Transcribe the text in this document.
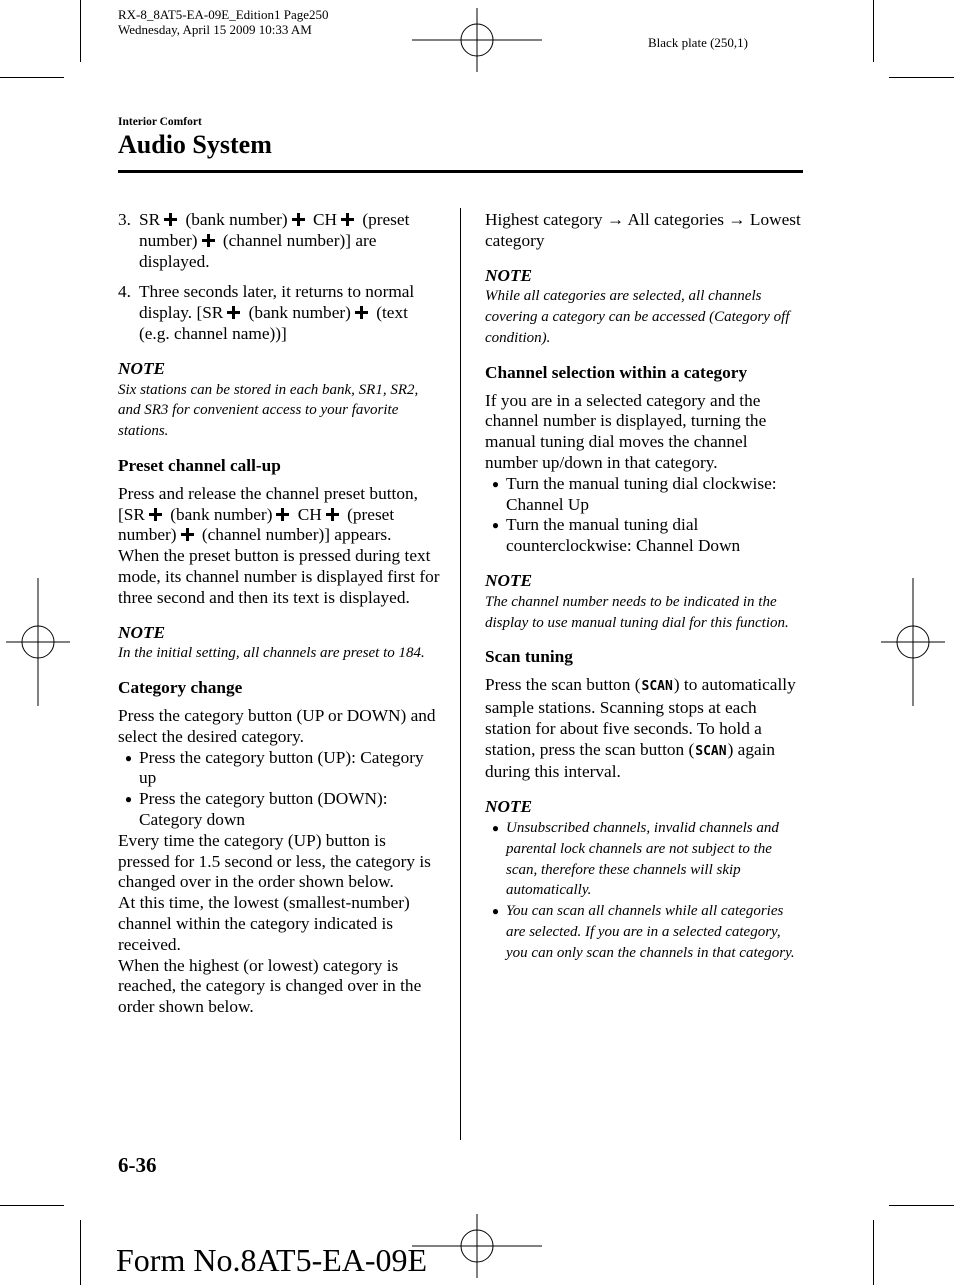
RX-8_8AT5-EA-09E_Edition1 Page250
Wednesday, April 15 2009 10:33 AM
Black plate (250,1)
Interior Comfort
Audio System
3. SR (bank number) CH (preset number) (channel number)] are displayed.
4. Three seconds later, it returns to normal display. [SR (bank number) (text (e.g. channel name))]
NOTE
Six stations can be stored in each bank, SR1, SR2, and SR3 for convenient access to your favorite stations.
Preset channel call-up

Press and release the channel preset button,

[SR (bank number) CH (preset number) (channel number)] appears.

When the preset button is pressed during text mode, its channel number is displayed first for three second and then its text is displayed.

NOTE
In the initial setting, all channels are preset to 184.
Category change

Press the category button (UP or DOWN) and select the desired category.

● Press the category button (UP): Category up
● Press the category button (DOWN): Category down

Every time the category (UP) button is pressed for 1.5 second or less, the category is changed over in the order shown below.

At this time, the lowest (smallest-number) channel within the category indicated is received.

When the highest (or lowest) category is reached, the category is changed over in the order shown below.

Highest category → All categories → Lowest category

NOTE
While all categories are selected, all channels covering a category can be accessed (Category off condition).
Channel selection within a category

If you are in a selected category and the channel number is displayed, turning the manual tuning dial moves the channel number up/down in that category.

● Turn the manual tuning dial clockwise: Channel Up
● Turn the manual tuning dial counterclockwise: Channel Down
NOTE
The channel number needs to be indicated in the display to use manual tuning dial for this function.
Scan tuning

Press the scan button (SCAN) to automatically sample stations. Scanning stops at each station for about five seconds. To hold a station, press the scan button (SCAN) again during this interval.

NOTE
● Unsubscribed channels, invalid channels and parental lock channels are not subject to the scan, therefore these channels will skip automatically.
● You can scan all channels while all categories are selected. If you are in a selected category, you can only scan the channels in that category.
6-36
Form No.8AT5-EA-09E
